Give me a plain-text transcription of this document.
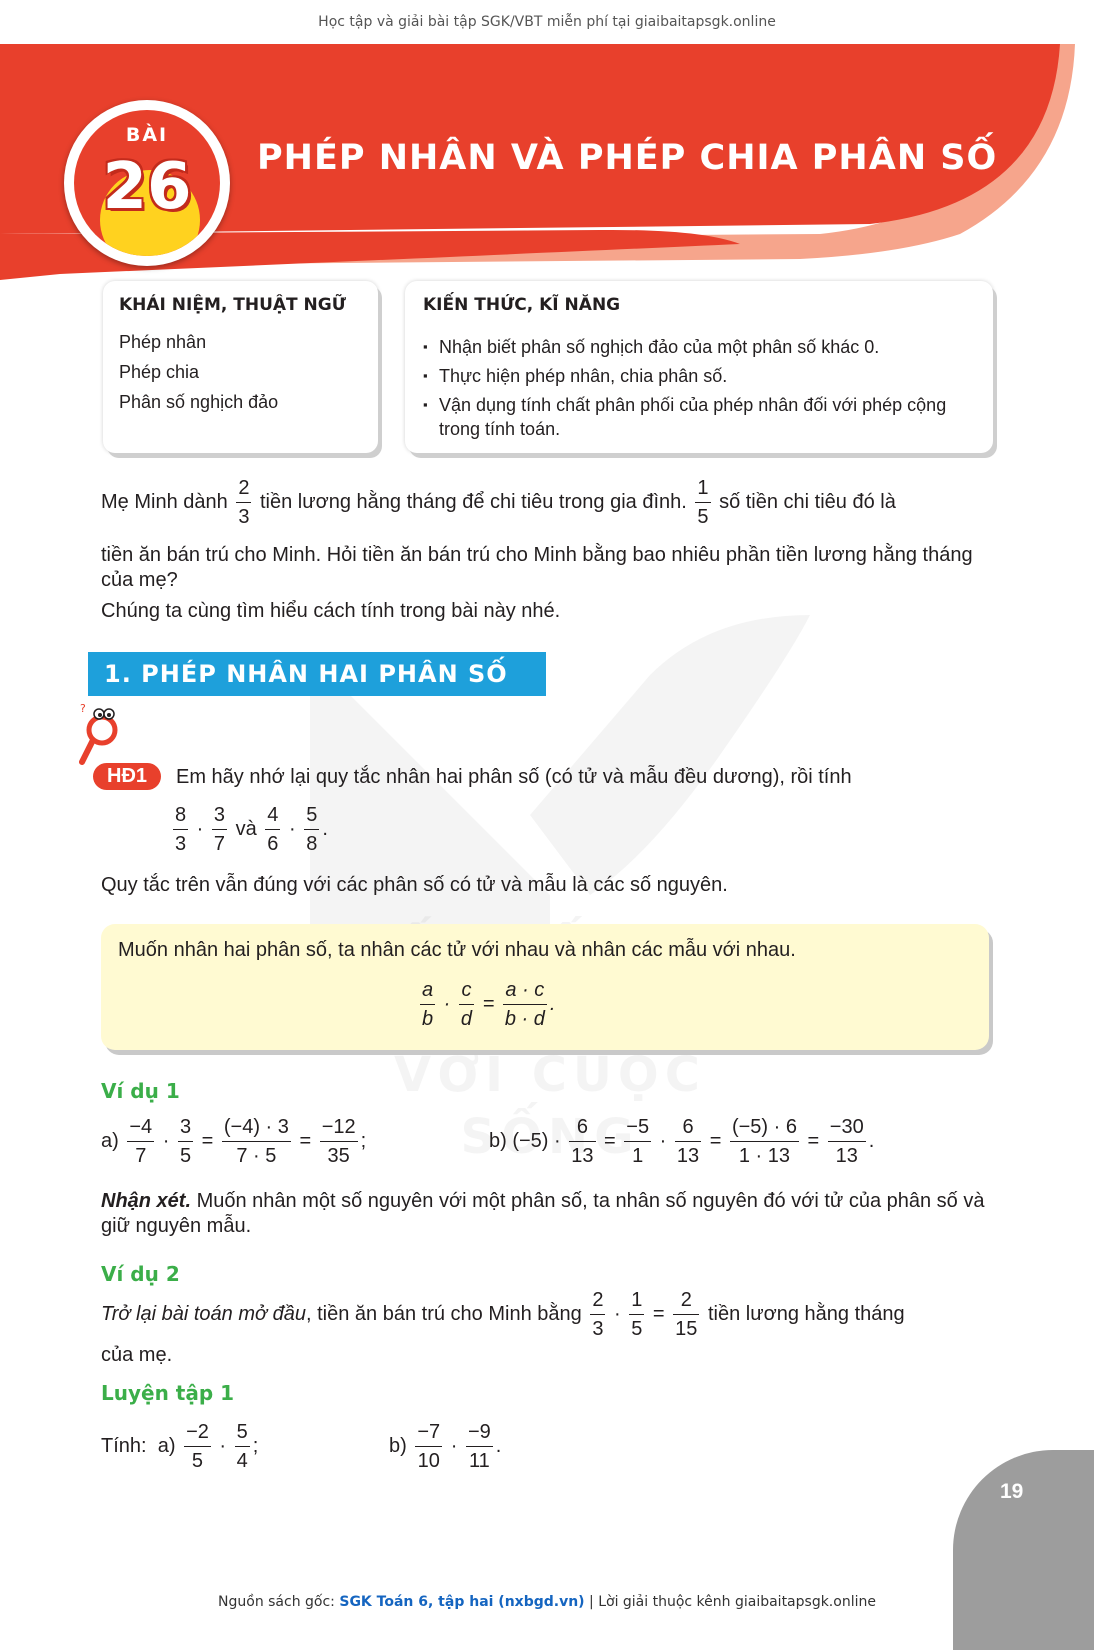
Học tập và giải bài tập SGK/VBT miễn phí tại giaibaitapsgk.online
BÀI
26	PHÉP NHÂN VÀ PHÉP CHIA PHÂN SỐ
KHÁI NIỆM, THUẬT NGỮ
Phép nhân
Phép chia
Phân số nghịch đảo
KIẾN THỨC, KĨ NĂNG
▪ Nhận biết phân số nghịch đảo của một phân số khác 0.
▪ Thực hiện phép nhân, chia phân số.
▪ Vận dụng tính chất phân phối của phép nhân đối với phép cộng trong tính toán.
Mẹ Minh dành $\frac{2}{3}$ tiền lương hằng tháng để chi tiêu trong gia đình. $\frac{1}{5}$ số tiền chi tiêu đó là
tiền ăn bán trú cho Minh. Hỏi tiền ăn bán trú cho Minh bằng bao nhiêu phần tiền lương hằng tháng của mẹ?
Chúng ta cùng tìm hiểu cách tính trong bài này nhé.
1. PHÉP NHÂN HAI PHÂN SỐ
?
HĐ1	Em hãy nhớ lại quy tắc nhân hai phân số (có tử và mẫu đều dương), rồi tính
$\frac{8}{3} \cdot \frac{3}{7}$ và $\frac{4}{6} \cdot \frac{5}{8}$ .
Quy tắc trên vẫn đúng với các phân số có tử và mẫu là các số nguyên.
Muốn nhân hai phân số, ta nhân các tử với nhau và nhân các mẫu với nhau.
$\frac{a}{b} \cdot \frac{c}{d} = \frac{a \cdot c}{b \cdot d}$ .
Ví dụ 1
$a) \frac{-4}{7} \cdot \frac{3}{5} = \frac{(-4) \cdot 3}{7 \cdot 5} = \frac{-12}{35}$ ;	b) $(-5) \cdot \frac{6}{13} = \frac{-5}{1} \cdot \frac{6}{13} = \frac{(-5) \cdot 6}{1 \cdot 13} = \frac{-30}{13}$ .
Nhận xét. Muốn nhân một số nguyên với một phân số, ta nhân số nguyên đó với tử của phân số và giữ nguyên mẫu.
Ví dụ 2
Trở lại bài toán mở đầu, tiền ăn bán trú cho Minh bằng $\frac{2}{3} \cdot \frac{1}{5} = \frac{2}{15}$ tiền lương hằng tháng
của mẹ.
Luyện tập 1
Tính: $a) \frac{-2}{5} \cdot \frac{5}{4}$ ;	$b) \frac{-7}{10} \cdot \frac{-9}{11}$ .
19
Nguồn sách gốc: SGK Toán 6, tập hai (nxbgd.vn) | Lời giải thuộc kênh giaibaitapsgk.online
